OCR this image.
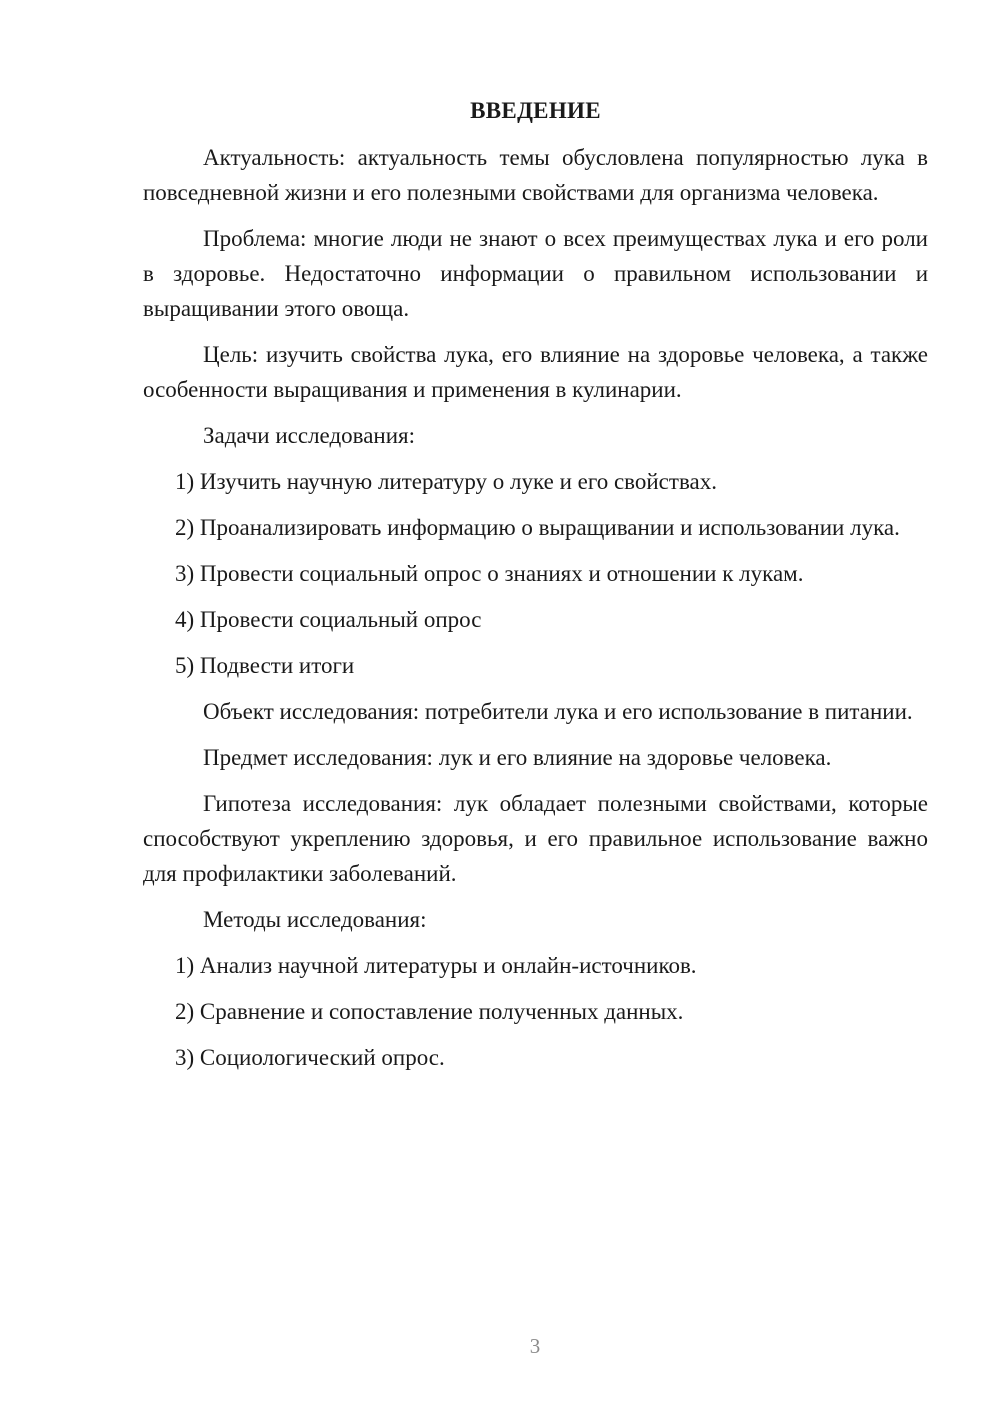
ВВЕДЕНИЕ
Актуальность: актуальность темы обусловлена популярностью лука в повседневной жизни и его полезными свойствами для организма человека.
Проблема: многие люди не знают о всех преимуществах лука и его роли в здоровье. Недостаточно информации о правильном использовании и выращивании этого овоща.
Цель: изучить свойства лука, его влияние на здоровье человека, а также особенности выращивания и применения в кулинарии.
Задачи исследования:
1) Изучить научную литературу о луке и его свойствах.
2) Проанализировать информацию о выращивании и использовании лука.
3) Провести социальный опрос о знаниях и отношении к лукам.
4) Провести социальный опрос
5) Подвести итоги
Объект исследования: потребители лука и его использование в питании.
Предмет исследования: лук и его влияние на здоровье человека.
Гипотеза исследования: лук обладает полезными свойствами, которые способствуют укреплению здоровья, и его правильное использование важно для профилактики заболеваний.
Методы исследования:
1) Анализ научной литературы и онлайн-источников.
2) Сравнение и сопоставление полученных данных.
3) Социологический опрос.
3
